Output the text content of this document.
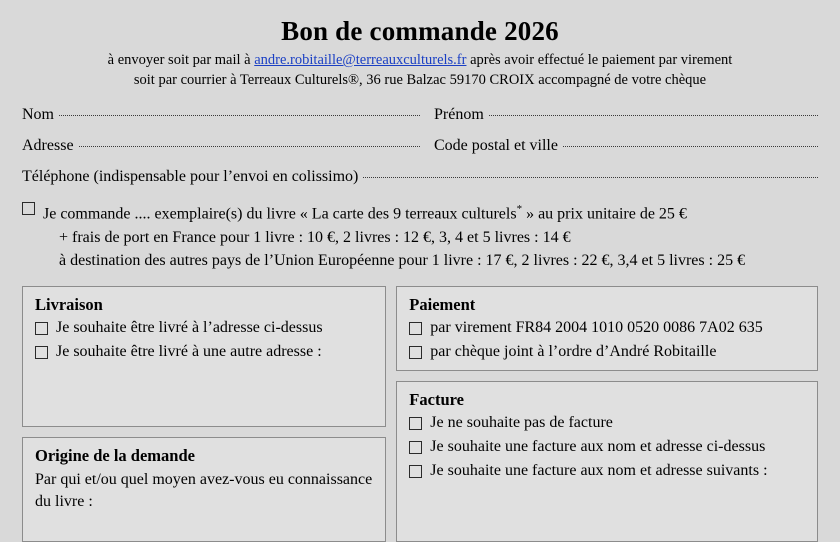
Bon de commande 2026
à envoyer soit par mail à andre.robitaille@terreauxculturels.fr après avoir effectué le paiement par virement
soit par courrier à Terreaux Culturels®, 36 rue Balzac 59170 CROIX accompagné de votre chèque
Nom	Prénom
Adresse	Code postal et ville
Téléphone (indispensable pour l’envoi en colissimo)
Je commande .... exemplaire(s) du livre « La carte des 9 terreaux culturels* » au prix unitaire de 25 €
+ frais de port en France pour 1 livre : 10 €, 2 livres : 12 €, 3, 4 et 5 livres : 14 €
à destination des autres pays de l’Union Européenne pour 1 livre : 17 €, 2 livres : 22 €, 3,4 et 5 livres : 25 €
Livraison
Je souhaite être livré à l’adresse ci-dessus
Je souhaite être livré à une autre adresse :
Origine de la demande

Par qui et/ou quel moyen avez-vous eu connaissance du livre :

Paiement
par virement FR84 2004 1010 0520 0086 7A02 635
par chèque joint à l’ordre d’André Robitaille
Facture
Je ne souhaite pas de facture
Je souhaite une facture aux nom et adresse ci-dessus
Je souhaite une facture aux nom et adresse suivants :
